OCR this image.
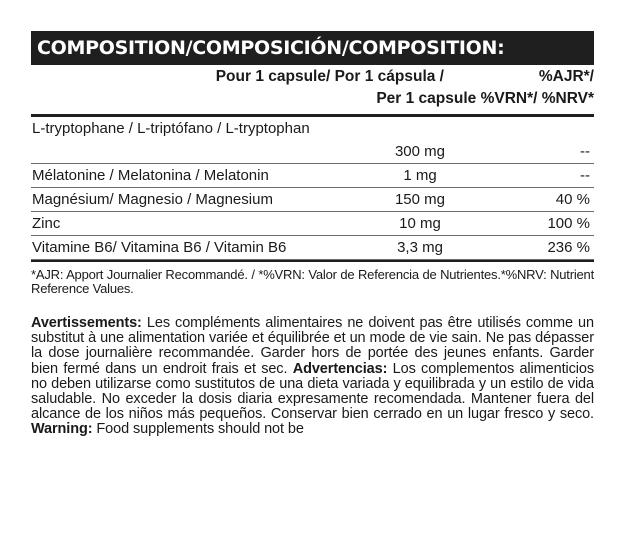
COMPOSITION/COMPOSICIÓN/COMPOSITION:
Pour 1 capsule/ Por 1 cápsula /	%AJR*/
Per 1 capsule %VRN*/ %NRV*
L-tryptophane / L-triptófano / L-tryptophan
300 mg	--
Mélatonine / Melatonina / Melatonin	1 mg	--
Magnésium/ Magnesio / Magnesium	150 mg	40 %
Zinc	10 mg	100 %
Vitamine B6/ Vitamina B6 / Vitamin B6	3,3 mg	236 %
*AJR: Apport Journalier Recommandé. / *%VRN: Valor de Referencia de Nutrientes.*%NRV: Nutrient Reference Values.
Avertissements: Les compléments alimentaires ne doivent pas être utilisés comme un substitut à une alimentation variée et équilibrée et un mode de vie sain. Ne pas dépasser la dose journalière recommandée. Garder hors de portée des jeunes enfants. Garder bien fermé dans un endroit frais et sec. Advertencias: Los complementos alimenticios no deben utilizarse como sustitutos de una dieta variada y equilibrada y un estilo de vida saludable. No exceder la dosis diaria expresamente recomendada. Mantener fuera del alcance de los niños más pequeños. Conservar bien cerrado en un lugar fresco y seco. Warning: Food supplements should not be
